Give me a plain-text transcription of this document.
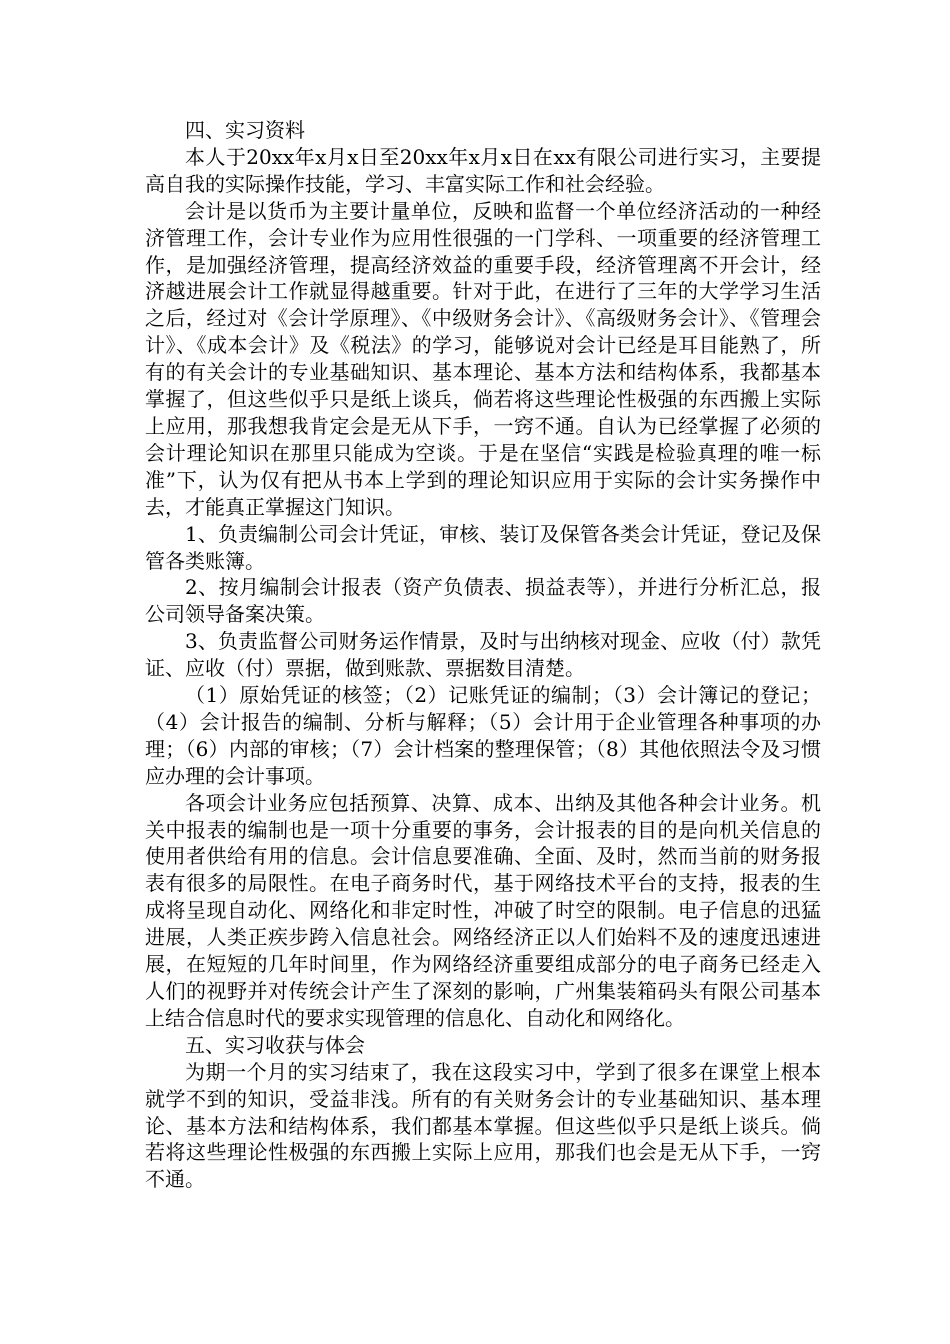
四、实习资料

本人于20xx年x月x日至20xx年x月x日在xx有限公司进行实习，主要提高自我的实际操作技能，学习、丰富实际工作和社会经验。

会计是以货币为主要计量单位，反映和监督一个单位经济活动的一种经济管理工作，会计专业作为应用性很强的一门学科、一项重要的经济管理工作，是加强经济管理，提高经济效益的重要手段，经济管理离不开会计，经济越进展会计工作就显得越重要。针对于此，在进行了三年的大学学习生活之后，经过对《会计学原理》、《中级财务会计》、《高级财务会计》、《管理会计》、《成本会计》及《税法》的学习，能够说对会计已经是耳目能熟了，所有的有关会计的专业基础知识、基本理论、基本方法和结构体系，我都基本掌握了，但这些似乎只是纸上谈兵，倘若将这些理论性极强的东西搬上实际上应用，那我想我肯定会是无从下手，一窍不通。自认为已经掌握了必须的会计理论知识在那里只能成为空谈。于是在坚信“实践是检验真理的唯一标准”下，认为仅有把从书本上学到的理论知识应用于实际的会计实务操作中去，才能真正掌握这门知识。

1、负责编制公司会计凭证，审核、装订及保管各类会计凭证，登记及保管各类账簿。

2、按月编制会计报表（资产负债表、损益表等），并进行分析汇总，报公司领导备案决策。

3、负责监督公司财务运作情景，及时与出纳核对现金、应收（付）款凭证、应收（付）票据，做到账款、票据数目清楚。

（1）原始凭证的核签；（2）记账凭证的编制；（3）会计簿记的登记；（4）会计报告的编制、分析与解释；（5）会计用于企业管理各种事项的办理；（6）内部的审核；（7）会计档案的整理保管；（8）其他依照法令及习惯应办理的会计事项。

各项会计业务应包括预算、决算、成本、出纳及其他各种会计业务。机关中报表的编制也是一项十分重要的事务，会计报表的目的是向机关信息的使用者供给有用的信息。会计信息要准确、全面、及时，然而当前的财务报表有很多的局限性。在电子商务时代，基于网络技术平台的支持，报表的生成将呈现自动化、网络化和非定时性，冲破了时空的限制。电子信息的迅猛进展，人类正疾步跨入信息社会。网络经济正以人们始料不及的速度迅速进展，在短短的几年时间里，作为网络经济重要组成部分的电子商务已经走入人们的视野并对传统会计产生了深刻的影响，广州集装箱码头有限公司基本上结合信息时代的要求实现管理的信息化、自动化和网络化。

五、实习收获与体会

为期一个月的实习结束了，我在这段实习中，学到了很多在课堂上根本就学不到的知识，受益非浅。所有的有关财务会计的专业基础知识、基本理论、基本方法和结构体系，我们都基本掌握。但这些似乎只是纸上谈兵。倘若将这些理论性极强的东西搬上实际上应用，那我们也会是无从下手，一窍不通。
